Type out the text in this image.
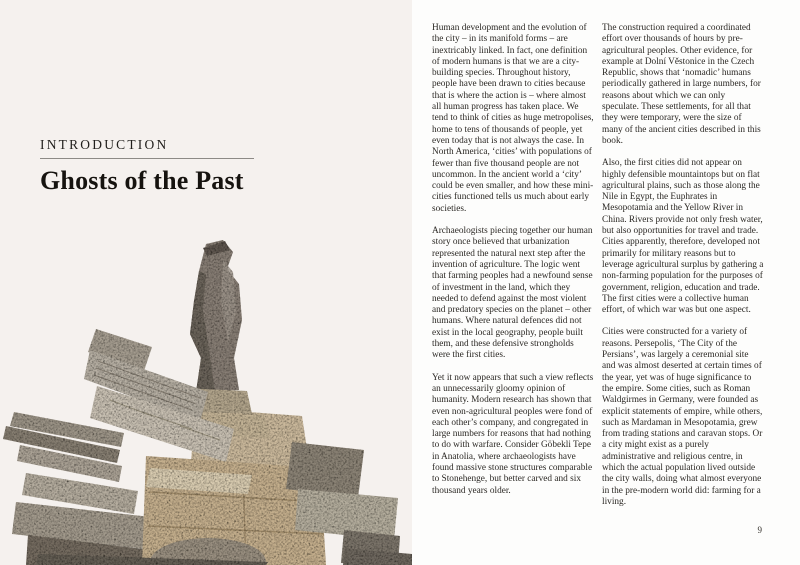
INTRODUCTION
Ghosts of the Past

Human development and the evolution of the city – in its manifold forms – are inextricably linked. In fact, one definition of modern humans is that we are a city-building species. Throughout history, people have been drawn to cities because that is where the action is – where almost all human progress has taken place. We tend to think of cities as huge metropolises, home to tens of thousands of people, yet even today that is not always the case. In North America, ‘cities’ with populations of fewer than five thousand people are not uncommon. In the ancient world a ‘city’ could be even smaller, and how these mini-cities functioned tells us much about early societies.

Archaeologists piecing together our human story once believed that urbanization represented the natural next step after the invention of agriculture. The logic went that farming peoples had a newfound sense of investment in the land, which they needed to defend against the most violent and predatory species on the planet – other humans. Where natural defences did not exist in the local geography, people built them, and these defensive strongholds were the first cities.

Yet it now appears that such a view reflects an unnecessarily gloomy opinion of humanity. Modern research has shown that even non-agricultural peoples were fond of each other’s company, and congregated in large numbers for reasons that had nothing to do with warfare. Consider Göbekli Tepe in Anatolia, where archaeologists have found massive stone structures comparable to Stonehenge, but better carved and six thousand years older.

The construction required a coordinated effort over thousands of hours by pre-agricultural peoples. Other evidence, for example at Dolní Věstonice in the Czech Republic, shows that ‘nomadic’ humans periodically gathered in large numbers, for reasons about which we can only speculate. These settlements, for all that they were temporary, were the size of many of the ancient cities described in this book.

Also, the first cities did not appear on highly defensible mountaintops but on flat agricultural plains, such as those along the Nile in Egypt, the Euphrates in Mesopotamia and the Yellow River in China. Rivers provide not only fresh water, but also opportunities for travel and trade. Cities apparently, therefore, developed not primarily for military reasons but to leverage agricultural surplus by gathering a non-farming population for the purposes of government, religion, education and trade. The first cities were a collective human effort, of which war was but one aspect.

Cities were constructed for a variety of reasons. Persepolis, ‘The City of the Persians’, was largely a ceremonial site and was almost deserted at certain times of the year, yet was of huge significance to the empire. Some cities, such as Roman Waldgirmes in Germany, were founded as explicit statements of empire, while others, such as Mardaman in Mesopotamia, grew from trading stations and caravan stops. Or a city might exist as a purely administrative and religious centre, in which the actual population lived outside the city walls, doing what almost everyone in the pre-modern world did: farming for a living.

9
